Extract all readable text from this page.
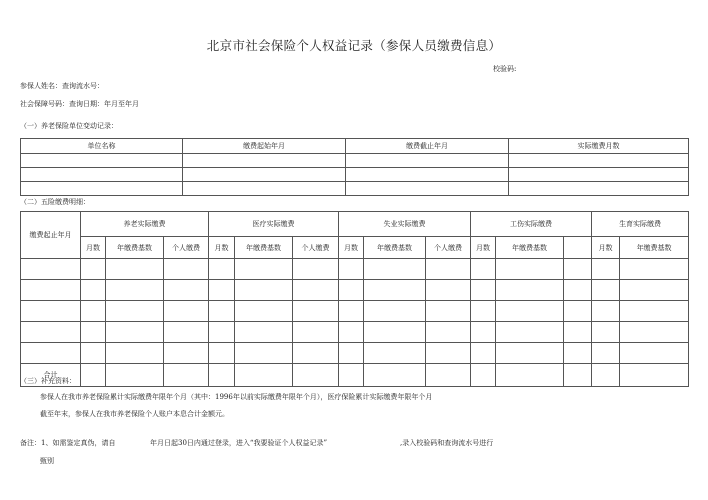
北京市社会保险个人权益记录（参保人员缴费信息）
校验码:
参保人姓名：查询流水号：
社会保障号码：查询日期：年月至年月
（一）养老保险单位变动记录：
单位名称	缴费起始年月	缴费截止年月	实际缴费月数

（二）五险缴费明细：
缴费起止年月	养老实际缴费			医疗实际缴费			失业实际缴费			工伤实际缴费			生育实际缴费	
	月数	年缴费基数	个人缴费	月数	年缴费基数	个人缴费	月数	年缴费基数	个人缴费	月数	年缴费基数		月数	年缴费基数

合计														
（三）补充资料：
参保人在我市养老保险累计实际缴费年限年个月（其中：1996年以前实际缴费年限年个月），医疗保险累计实际缴费年限年个月
截至年末，参保人在我市养老保险个人账户本息合计金额元。
备注：1、如需鉴定真伪，请自	年月日起30日内通过登录，进入“我要验证个人权益记录”	,录入校验码和查询流水号进行
甄别
